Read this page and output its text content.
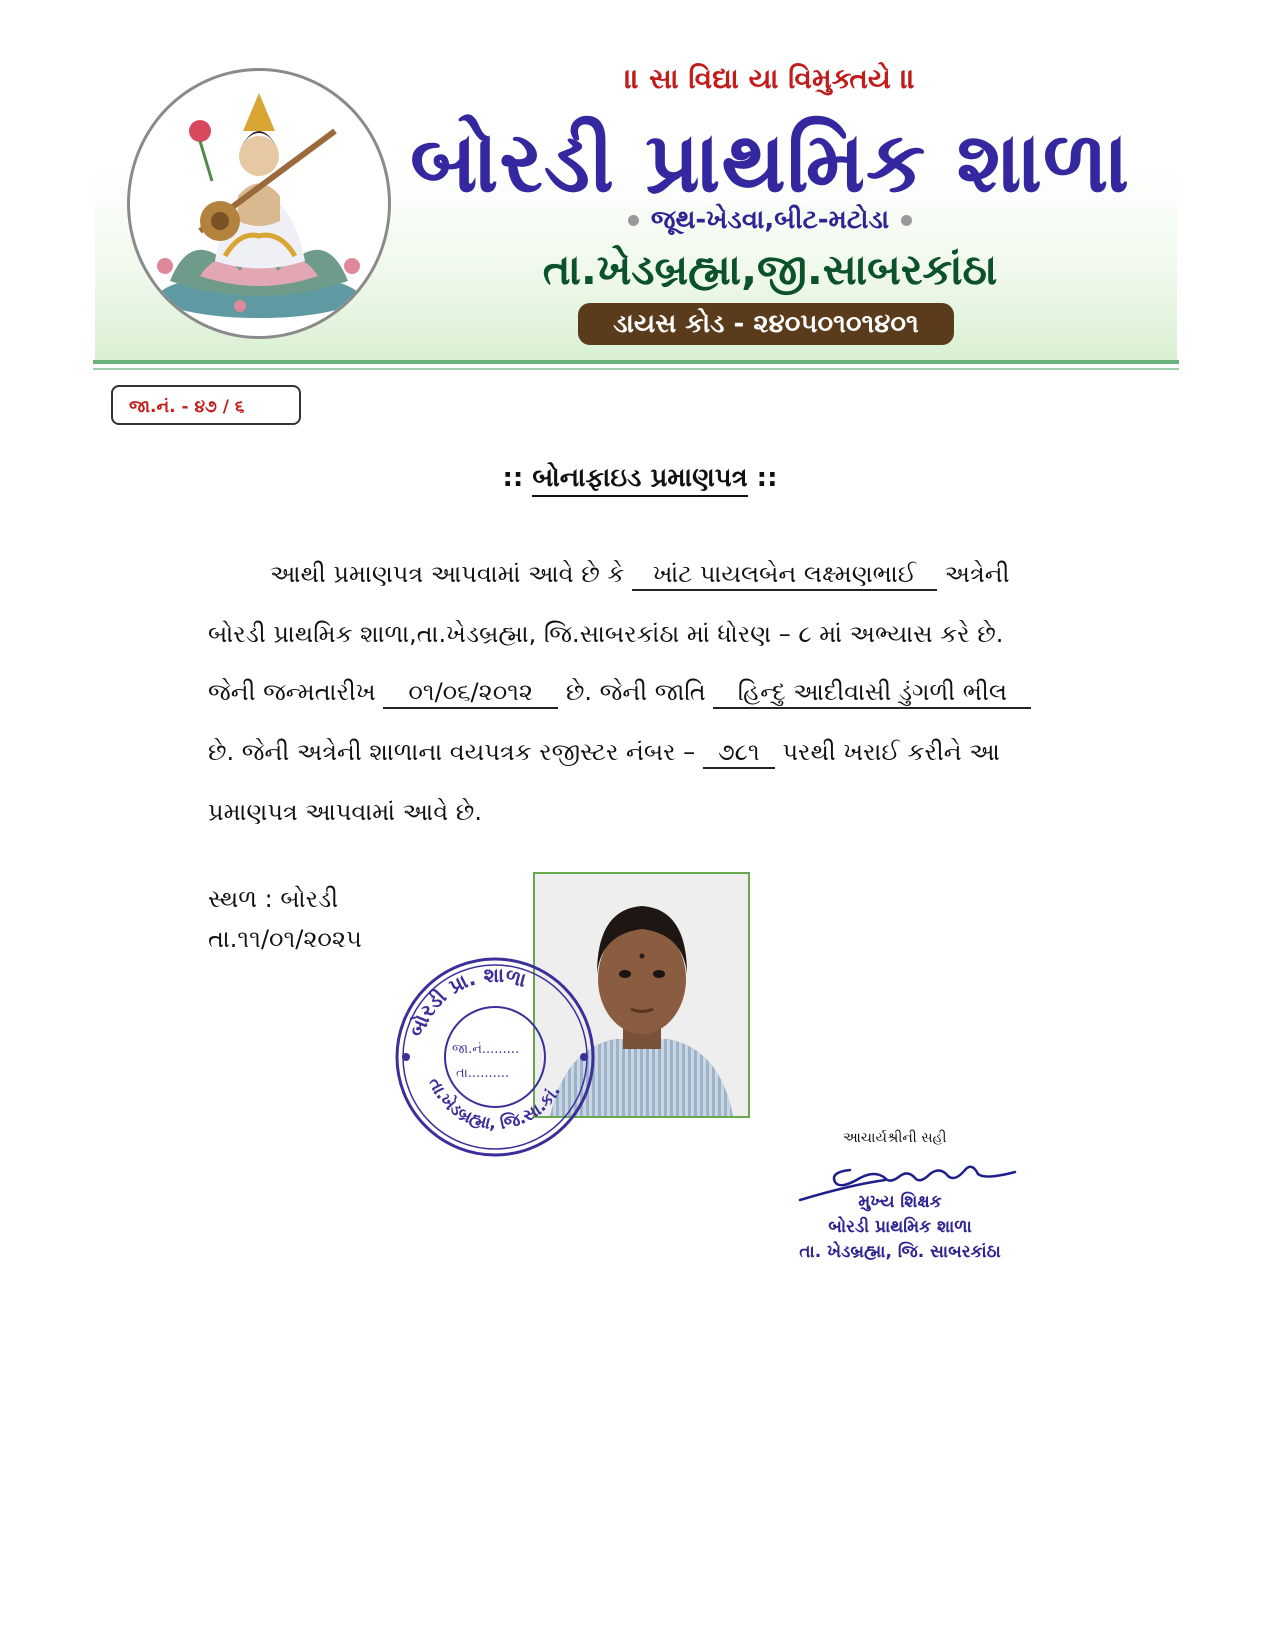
॥ સા વિદ્યા યા વિમુક્તયે ॥
બોરડી પ્રાથમિક શાળા
જૂથ-ખેડવા,બીટ-મટોડા
તા.ખેડબ્રહ્મા,જી.સાબરકાંઠા
ડાયસ કોડ - ૨૪૦૫૦૧૦૧૪૦૧
જા.નં. - ૪૭ / ૬
:: બોનાફાઇડ પ્રમાણપત્ર ::
આથી પ્રમાણપત્ર આપવામાં આવે છે કે ખાંટ પાયલબેન લક્ષ્મણભાઈ અત્રેની
બોરડી પ્રાથમિક શાળા,તા.ખેડબ્રહ્મા, જિ.સાબરકાંઠા માં ધોરણ – ૮ માં અભ્યાસ કરે છે.
જેની જન્મતારીખ ૦૧/૦૬/૨૦૧૨ છે. જેની જાતિ હિન્દુ આદીવાસી ડુંગળી ભીલ
છે. જેની અત્રેની શાળાના વયપત્રક રજીસ્ટર નંબર – ૭૮૧ પરથી ખરાઈ કરીને આ
પ્રમાણપત્ર આપવામાં આવે છે.
સ્થળ : બોરડી
તા.૧૧/૦૧/૨૦૨૫
બોરડી પ્રા. શાળા
તા.ખેડબ્રહ્મા, જિ.સા.કાં.
જા.નં.........
તા..........
આચાર્યશ્રીની સહી
મુખ્ય શિક્ષક
બોરડી પ્રાથમિક શાળા
તા. ખેડબ્રહ્મા, જિ. સાબરકાંઠા
